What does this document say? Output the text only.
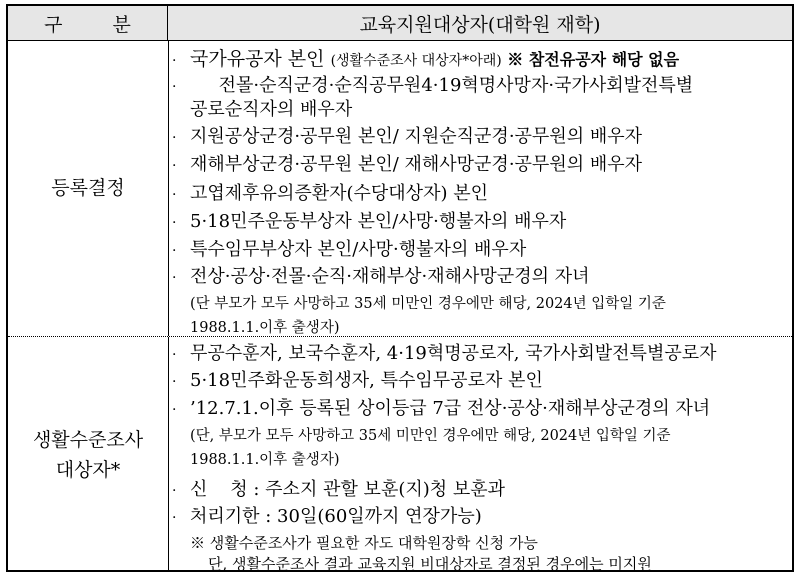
구 분	교육지원대상자(대학원 재학)
등록결정
· 국가유공자 본인 (생활수준조사 대상자*아래) ※ 참전유공자 해당 없음
·     전몰·순직군경·순직공무원4·19혁명사망자·국가사회발전특별
공로순직자의 배우자
· 지원공상군경·공무원 본인/ 지원순직군경·공무원의 배우자
· 재해부상군경·공무원 본인/ 재해사망군경·공무원의 배우자
· 고엽제후유의증환자(수당대상자) 본인
· 5·18민주운동부상자 본인/사망·행불자의 배우자
· 특수임무부상자 본인/사망·행불자의 배우자
· 전상·공상·전몰·순직·재해부상·재해사망군경의 자녀
(단 부모가 모두 사망하고 35세 미만인 경우에만 해당, 2024년 입학일 기준
1988.1.1.이후 출생자)
생활수준조사
대상자*
· 무공수훈자, 보국수훈자, 4·19혁명공로자, 국가사회발전특별공로자
· 5·18민주화운동희생자, 특수임무공로자 본인
· ’12.7.1.이후 등록된 상이등급 7급 전상·공상·재해부상군경의 자녀
(단, 부모가 모두 사망하고 35세 미만인 경우에만 해당, 2024년 입학일 기준
1988.1.1.이후 출생자)
· 신    청 : 주소지 관할 보훈(지)청 보훈과
· 처리기한 : 30일(60일까지 연장가능)
※ 생활수준조사가 필요한 자도 대학원장학 신청 가능
단, 생활수준조사 결과 교육지원 비대상자로 결정된 경우에는 미지원
